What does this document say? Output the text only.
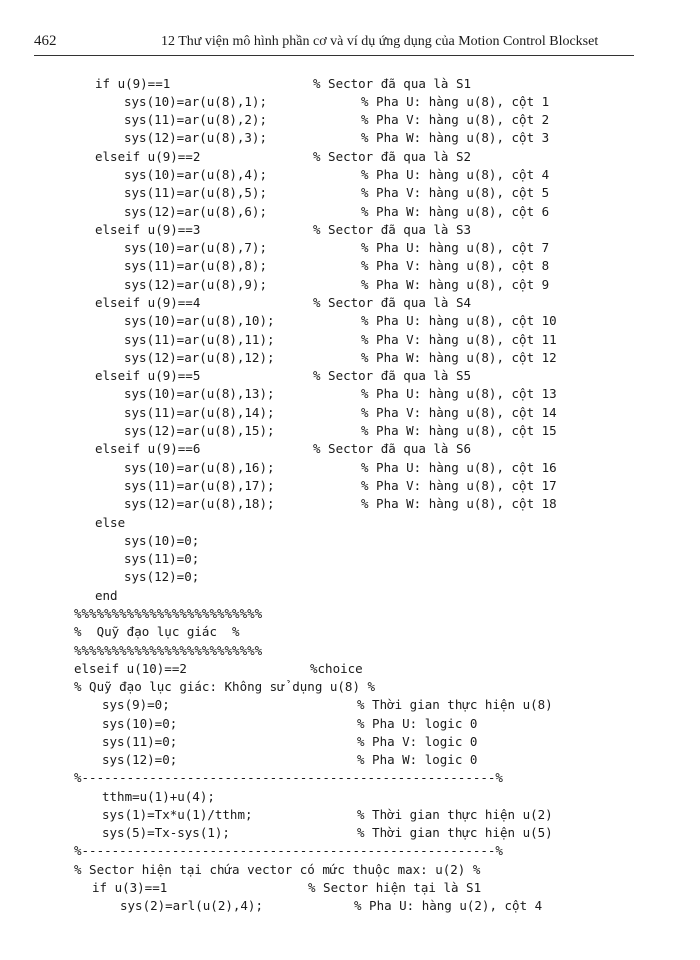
462	12 Thư viện mô hình phần cơ và ví dụ ứng dụng của Motion Control Blockset
if u(9)==1	% Sector đã qua là S1
sys(10)=ar(u(8),1);	% Pha U: hàng u(8), cột 1
sys(11)=ar(u(8),2);	% Pha V: hàng u(8), cột 2
sys(12)=ar(u(8),3);	% Pha W: hàng u(8), cột 3
elseif u(9)==2	% Sector đã qua là S2
sys(10)=ar(u(8),4);	% Pha U: hàng u(8), cột 4
sys(11)=ar(u(8),5);	% Pha V: hàng u(8), cột 5
sys(12)=ar(u(8),6);	% Pha W: hàng u(8), cột 6
elseif u(9)==3	% Sector đã qua là S3
sys(10)=ar(u(8),7);	% Pha U: hàng u(8), cột 7
sys(11)=ar(u(8),8);	% Pha V: hàng u(8), cột 8
sys(12)=ar(u(8),9);	% Pha W: hàng u(8), cột 9
elseif u(9)==4	% Sector đã qua là S4
sys(10)=ar(u(8),10);	% Pha U: hàng u(8), cột 10
sys(11)=ar(u(8),11);	% Pha V: hàng u(8), cột 11
sys(12)=ar(u(8),12);	% Pha W: hàng u(8), cột 12
elseif u(9)==5	% Sector đã qua là S5
sys(10)=ar(u(8),13);	% Pha U: hàng u(8), cột 13
sys(11)=ar(u(8),14);	% Pha V: hàng u(8), cột 14
sys(12)=ar(u(8),15);	% Pha W: hàng u(8), cột 15
elseif u(9)==6	% Sector đã qua là S6
sys(10)=ar(u(8),16);	% Pha U: hàng u(8), cột 16
sys(11)=ar(u(8),17);	% Pha V: hàng u(8), cột 17
sys(12)=ar(u(8),18);	% Pha W: hàng u(8), cột 18
else
sys(10)=0;
sys(11)=0;
sys(12)=0;
end
%%%%%%%%%%%%%%%%%%%%%%%%%
%  Quỹ đạo lục giác  %
%%%%%%%%%%%%%%%%%%%%%%%%%
elseif u(10)==2	%choice
% Quỹ đạo lục giác: Không sử dụng u(8) %
sys(9)=0;	% Thời gian thực hiện u(8)
sys(10)=0;	% Pha U: logic 0
sys(11)=0;	% Pha V: logic 0
sys(12)=0;	% Pha W: logic 0
%-------------------------------------------------------%
tthm=u(1)+u(4);
sys(1)=Tx*u(1)/tthm;	% Thời gian thực hiện u(2)
sys(5)=Tx-sys(1);	% Thời gian thực hiện u(5)
%-------------------------------------------------------%
% Sector hiện tại chứa vector có mức thuộc max: u(2) %
if u(3)==1	% Sector hiện tại là S1
sys(2)=arl(u(2),4);	% Pha U: hàng u(2), cột 4
